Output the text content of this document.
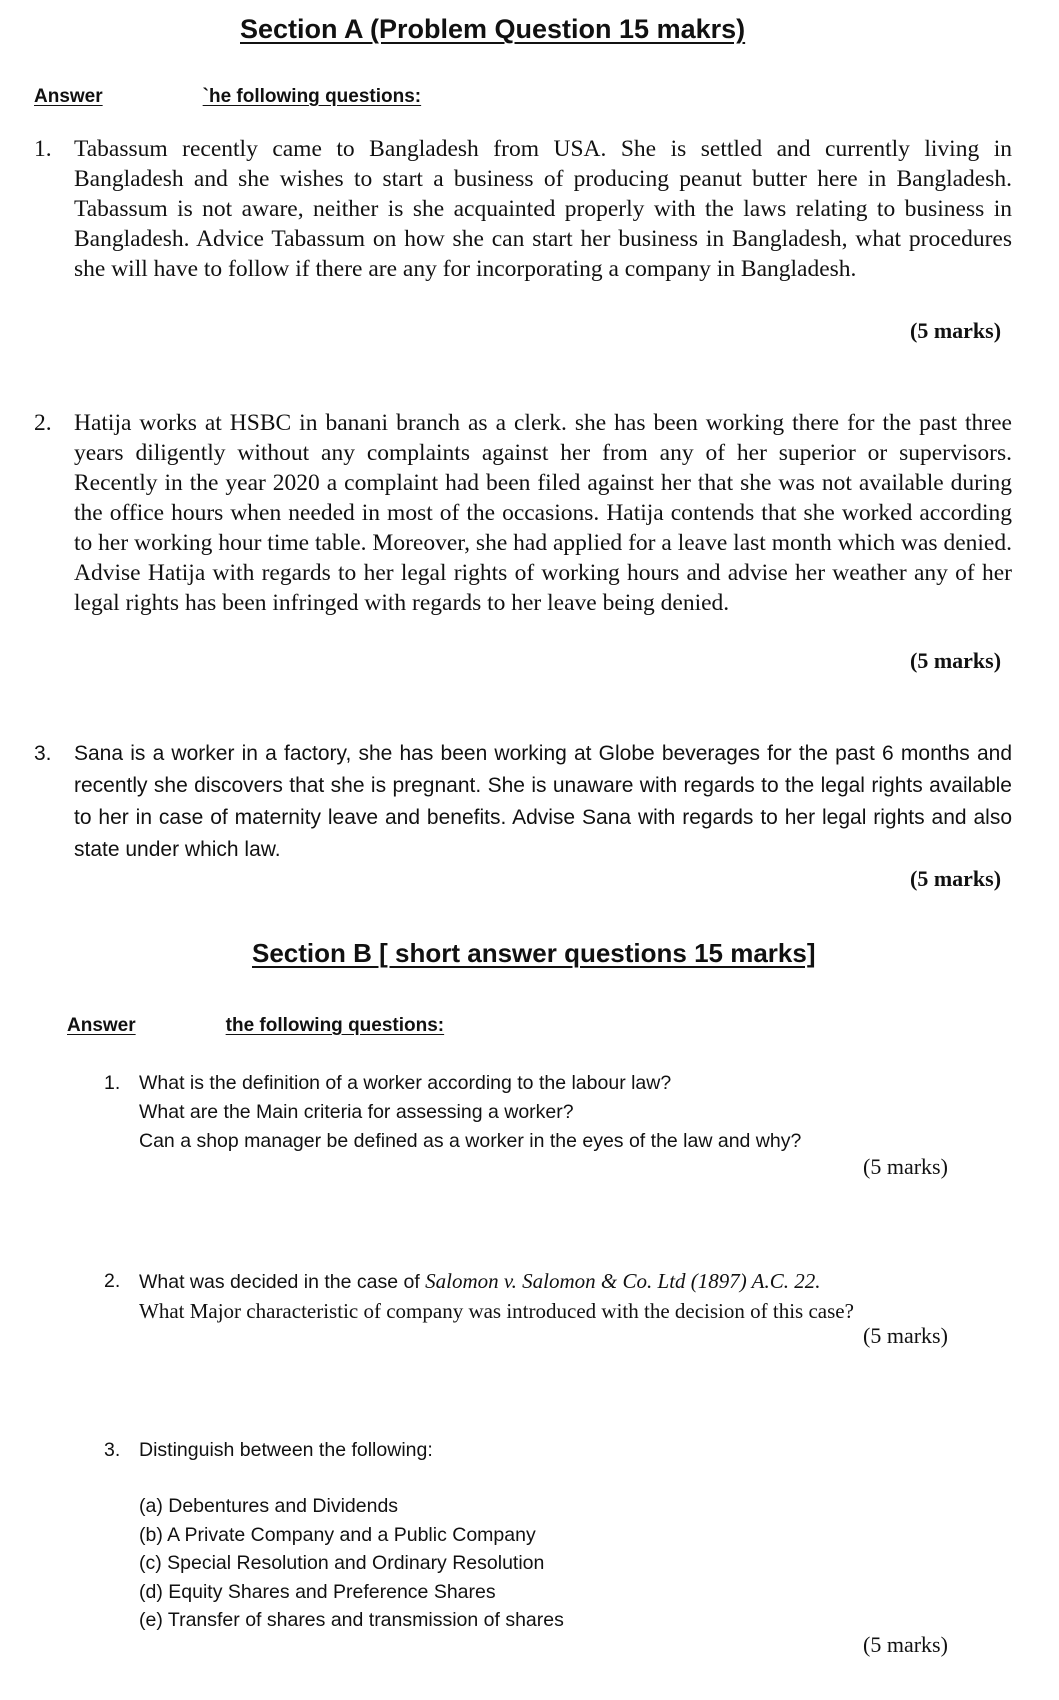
Section A (Problem Question 15 makrs)
Answer	`he following questions:
1. Tabassum recently came to Bangladesh from USA. She is settled and currently living in Bangladesh and she wishes to start a business of producing peanut butter here in Bangladesh. Tabassum is not aware, neither is she acquainted properly with the laws relating to business in Bangladesh. Advice Tabassum on how she can start her business in Bangladesh, what procedures she will have to follow if there are any for incorporating a company in Bangladesh.
(5 marks)
2. Hatija works at HSBC in banani branch as a clerk. she has been working there for the past three years diligently without any complaints against her from any of her superior or supervisors. Recently in the year 2020 a complaint had been filed against her that she was not available during the office hours when needed in most of the occasions. Hatija contends that she worked according to her working hour time table. Moreover, she had applied for a leave last month which was denied. Advise Hatija with regards to her legal rights of working hours and advise her weather any of her legal rights has been infringed with regards to her leave being denied.
(5 marks)
3. Sana is a worker in a factory, she has been working at Globe beverages for the past 6 months and recently she discovers that she is pregnant. She is unaware with regards to the legal rights available to her in case of maternity leave and benefits. Advise Sana with regards to her legal rights and also state under which law.
(5 marks)
Section B [ short answer questions 15 marks]
Answer	the following questions:
1. What is the definition of a worker according to the labour law?
What are the Main criteria for assessing a worker?
Can a shop manager be defined as a worker in the eyes of the law and why?
(5 marks)
2. What was decided in the case of Salomon v. Salomon & Co. Ltd (1897) A.C. 22.
What Major characteristic of company was introduced with the decision of this case?
(5 marks)
3. Distinguish between the following:
(a) Debentures and Dividends
(b) A Private Company and a Public Company
(c) Special Resolution and Ordinary Resolution
(d) Equity Shares and Preference Shares
(e) Transfer of shares and transmission of shares
(5 marks)
